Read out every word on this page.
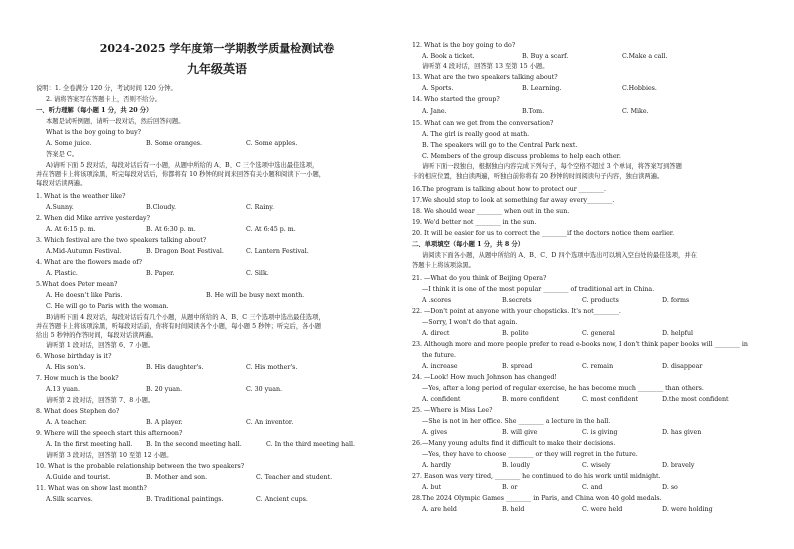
2024-2025 学年度第一学期教学质量检测试卷
九年级英语
说明：1. 全卷满分 120 分，考试时间 120 分钟。
2. 请将答案写在答题卡上，否则不给分。
一、听力理解（每小题 1 分，共 20 分）
本题是试听例题，请听一段对话，然后回答问题。
What is the boy going to buy?
A. Some juice.	B. Some oranges.	C. Some apples.
答案是 C。
A)请听下面 5 段对话，每段对话后有一小题，从题中所给的 A、B、C 三个选项中选出最佳选项，
并在答题卡上将该项涂黑，听完每段对话后，你都将有 10 秒钟的时间来回答有关小题和阅读下一小题，
每段对话读两遍。
1. What is the weather like?
A.Sunny.	B.Cloudy.	C. Rainy.
2. When did Mike arrive yesterday?
A. At 6:15 p. m.	B. At 6:30 p. m.	C. At 6:45 p. m.
3. Which festival are the two speakers talking about?
A.Mid-Autumn Festival.	B. Dragon Boat Festival.	C. Lantern Festival.
4. What are the flowers made of?
A. Plastic.	B. Paper.	C. Silk.
5.What does Peter mean?
A. He doesn't like Paris.	B. He will be busy next month.
C. He will go to Paris with the woman.
B)请听下面 4 段对话，每段对话后有几个小题，从题中所给的 A、B、C 三个选项中选出最佳选项，
并在答题卡上将该项涂黑，听每段对话前，你将有时间阅读各个小题，每小题 5 秒钟；听完后，各小题
给出 5 秒钟的作答时间，每段对话读两遍。
请听第 1 段对话，回答第 6、7 小题。
6. Whose birthday is it?
A. His son's.	B. His daughter's.	C. His mother's.
7. How much is the book?
A.13 yuan.	B. 20 yuan.	C. 30 yuan.
请听第 2 段对话，回答第 7、8 小题。
8. What does Stephen do?
A. A teacher.	B. A player.	C. An inventor.
9. Where will the speech start this afternoon?
A. In the first meeting hall. B. In the second meeting hall.	C. In the third meeting hall.
请听第 3 段对话，回答第 10 至第 12 小题。
10. What is the probable relationship between the two speakers?
A.Guide and tourist.	B. Mother and son.	C. Teacher and student.
11. What was on show last month?
A.Silk scarves.	B. Traditional paintings.	C. Ancient cups.
12. What is the boy going to do?
A. Book a ticket.	B. Buy a scarf.	C.Make a call.
请听第 4 段对话，回答第 13 至第 15 小题。
13. What are the two speakers talking about?
A. Sports.	B. Learning.	C.Hobbies.
14. Who started the group?
A. Jane.	B.Tom.	C. Mike.
15. What can we get from the conversation?
A. The girl is really good at math.
B. The speakers will go to the Central Park next.
C. Members of the group discuss problems to help each other.
请听下面一段独白，根据独白内容完成下列句子，每个空格不超过 3 个单词，将答案写到答题
卡的相应位置，独白读两遍，听独白前你将有 20 秒钟的时间阅读句子内容，独白读两遍。
16.The program is talking about how to protect our ________.
17.We should stop to look at something far away every________.
18. We should wear ________ when out in the sun.
19. We'd better not ________ in the sun.
20. It will be easier for us to correct the ________if the doctors notice them earlier.
二、单项填空（每小题 1 分，共 8 分）
请阅读下面各小题，从题中所给的 A、B、C、D 四个选项中选出可以填入空白处的最佳选项，并在
答题卡上将该项涂黑。
21. —What do you think of Beijing Opera?
—I think it is one of the most popular ________ of traditional art in China.
A .scores	B.secrets	C. products	D. forms
22. —Don't point at anyone with your chopsticks. It's not________.
—Sorry, I won't do that again.
A. direct	B. polite	C. general	D. helpful
23. Although more and more people prefer to read e-books now, I don't think paper books will ________ in
the future.
A. increase	B. spread	C. remain	D. disappear
24. —Look! How much Johnson has changed!
—Yes, after a long period of regular exercise, he has become much ________ than others.
A. confident	B. more confident	C. most confident	D.the most confident
25. —Where is Miss Lee?
—She is not in her office. She ________ a lecture in the hall.
A. gives	B. will give	C. is giving	D. has given
26.—Many young adults find it difficult to make their decisions.
—Yes, they have to choose ________ or they will regret in the future.
A. hardly	B. loudly	C. wisely	D. bravely
27. Eason was very tired, ________ he continued to do his work until midnight.
A. but	B. or	C. and	D. so
28.The 2024 Olympic Games ________ in Paris, and China won 40 gold medals.
A. are held	B. held	C. were held	D. were holding
